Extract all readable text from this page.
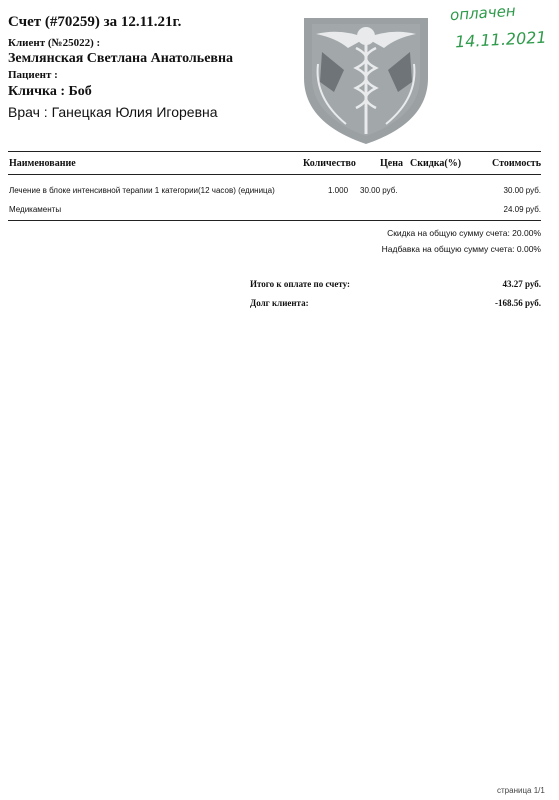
Счет (#70259) за 12.11.21г.
Клиент (№25022) :
Землянская Светлана Анатольевна
Пациент :
Кличка : Боб
Врач : Ганецкая Юлия Игоревна
оплачен
14.11.2021
Наименование	Количество Цена Скидка(%)	Стоимость
Лечение в блоке интенсивной терапии 1 категории(12 часов) (единица)	1.000 30.00 руб.	30.00 руб.
Медикаменты	24.09 руб.
Скидка на общую сумму счета: 20.00%
Надбавка на общую сумму счета: 0.00%
Итого к оплате по счету:	43.27 руб.
Долг клиента:	-168.56 руб.
страница 1/1
